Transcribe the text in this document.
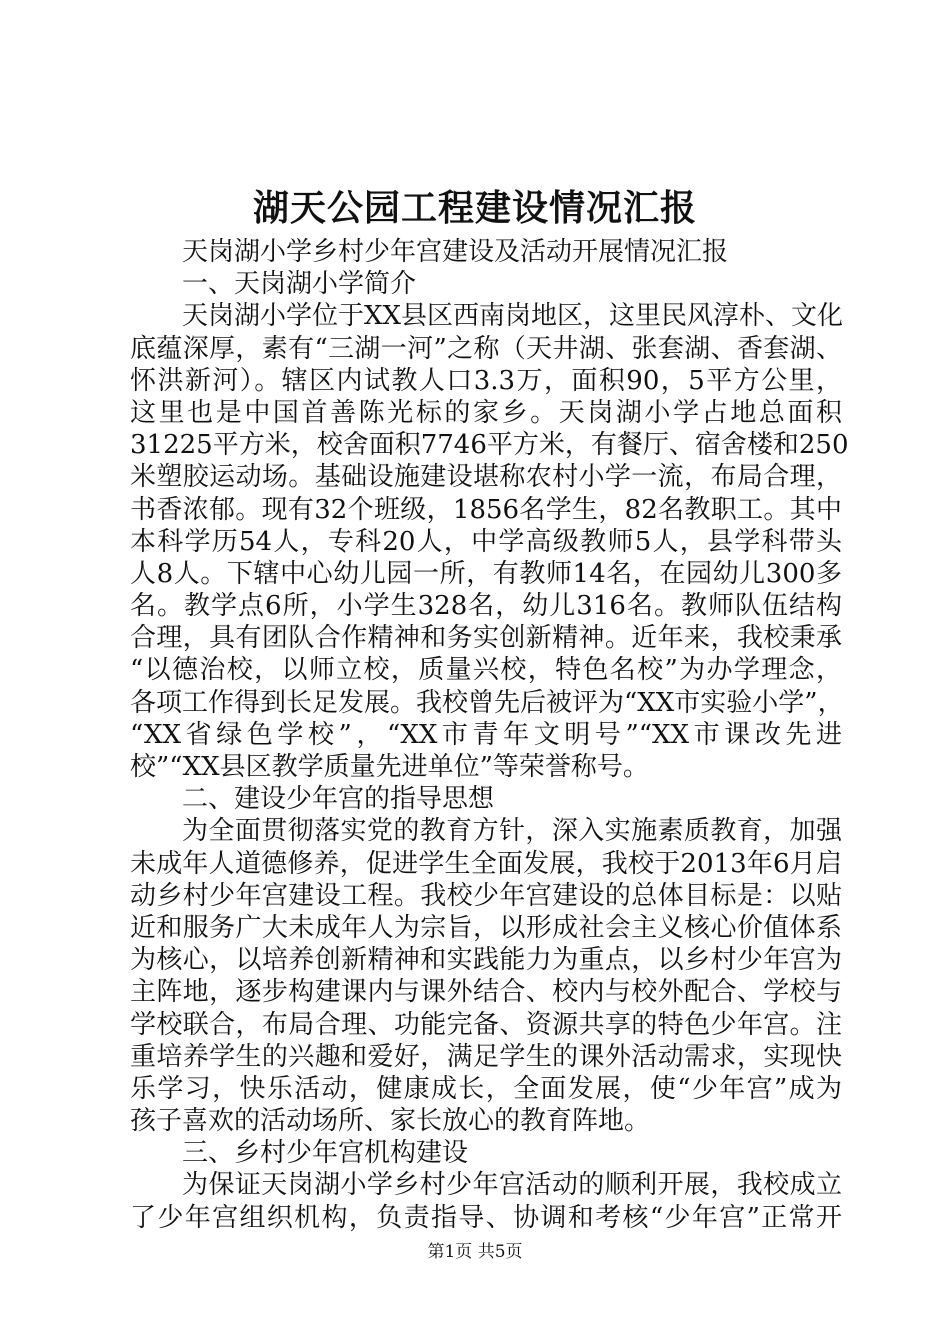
湖天公园工程建设情况汇报
天岗湖小学乡村少年宫建设及活动开展情况汇报
一、天岗湖小学简介
天岗湖小学位于XX县区西南岗地区，这里民风淳朴、文化
底蕴深厚，素有“三湖一河”之称（天井湖、张套湖、香套湖、
怀洪新河）。辖区内试教人口3.3万，面积90，5平方公里，
这里也是中国首善陈光标的家乡。天岗湖小学占地总面积
31225平方米，校舍面积7746平方米，有餐厅、宿舍楼和250
米塑胶运动场。基础设施建设堪称农村小学一流，布局合理，
书香浓郁。现有32个班级，1856名学生，82名教职工。其中
本科学历54人，专科20人，中学高级教师5人，县学科带头
人8人。下辖中心幼儿园一所，有教师14名，在园幼儿300多
名。教学点6所，小学生328名，幼儿316名。教师队伍结构
合理，具有团队合作精神和务实创新精神。近年来，我校秉承
“以德治校，以师立校，质量兴校，特色名校”为办学理念，
各项工作得到长足发展。我校曾先后被评为“XX市实验小学”，
“XX省绿色学校”，“XX市青年文明号”“XX市课改先进
校”“XX县区教学质量先进单位”等荣誉称号。
二、建设少年宫的指导思想
为全面贯彻落实党的教育方针，深入实施素质教育，加强
未成年人道德修养，促进学生全面发展，我校于2013年6月启
动乡村少年宫建设工程。我校少年宫建设的总体目标是：以贴
近和服务广大未成年人为宗旨，以形成社会主义核心价值体系
为核心，以培养创新精神和实践能力为重点，以乡村少年宫为
主阵地，逐步构建课内与课外结合、校内与校外配合、学校与
学校联合，布局合理、功能完备、资源共享的特色少年宫。注
重培养学生的兴趣和爱好，满足学生的课外活动需求，实现快
乐学习，快乐活动，健康成长，全面发展，使“少年宫”成为
孩子喜欢的活动场所、家长放心的教育阵地。
三、乡村少年宫机构建设
为保证天岗湖小学乡村少年宫活动的顺利开展，我校成立
了少年宫组织机构，负责指导、协调和考核“少年宫”正常开
第1页 共5页
